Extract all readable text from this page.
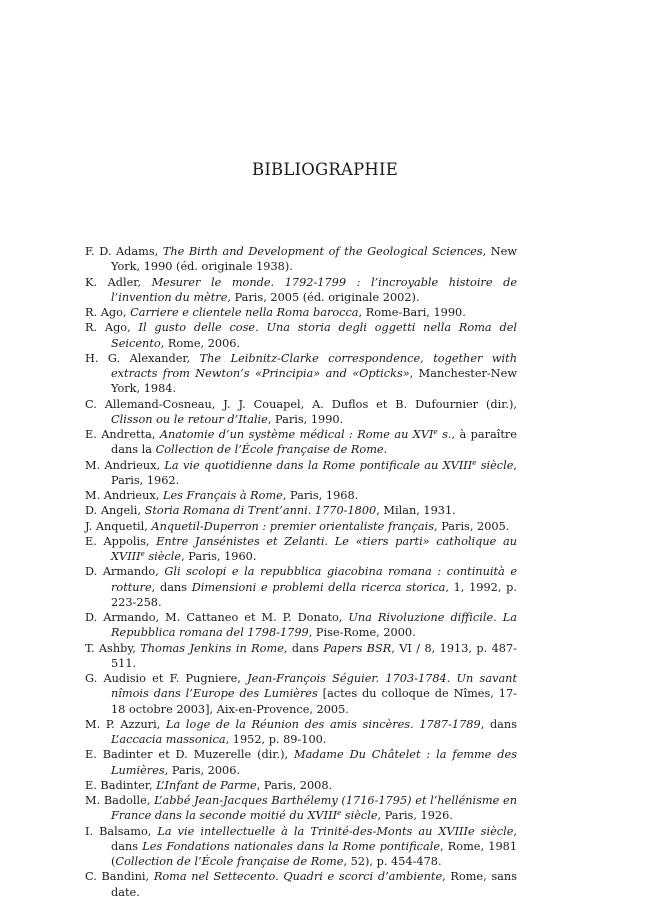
BIBLIOGRAPHIE
F. D. Adams, The Birth and Development of the Geological Sciences, New York, 1990 (éd. originale 1938).
K. Adler, Mesurer le monde. 1792-1799 : l’incroyable histoire de l’invention du mètre, Paris, 2005 (éd. originale 2002).
R. Ago, Carriere e clientele nella Roma barocca, Rome-Bari, 1990.
R. Ago, Il gusto delle cose. Una storia degli oggetti nella Roma del Seicento, Rome, 2006.
H. G. Alexander, The Leibnitz-Clarke correspondence, together with extracts from Newton’s «Principia» and «Opticks», Manchester-New York, 1984.
C. Allemand-Cosneau, J. J. Couapel, A. Duflos et B. Dufournier (dir.), Clisson ou le retour d’Italie, Paris, 1990.
E. Andretta, Anatomie d’un système médical : Rome au XVIe s., à paraître dans la Collection de l’École française de Rome.
M. Andrieux, La vie quotidienne dans la Rome pontificale au XVIIIe siècle, Paris, 1962.
M. Andrieux, Les Français à Rome, Paris, 1968.
D. Angeli, Storia Romana di Trent’anni. 1770-1800, Milan, 1931.
J. Anquetil, Anquetil-Duperron : premier orientaliste français, Paris, 2005.
E. Appolis, Entre Jansénistes et Zelanti. Le «tiers parti» catholique au XVIIIe siècle, Paris, 1960.
D. Armando, Gli scolopi e la repubblica giacobina romana : continuità e rotture, dans Dimensioni e problemi della ricerca storica, 1, 1992, p. 223-258.
D. Armando, M. Cattaneo et M. P. Donato, Una Rivoluzione difficile. La Repubblica romana del 1798-1799, Pise-Rome, 2000.
T. Ashby, Thomas Jenkins in Rome, dans Papers BSR, VI / 8, 1913, p. 487-511.
G. Audisio et F. Pugniere, Jean-François Séguier. 1703-1784. Un savant nîmois dans l’Europe des Lumières [actes du colloque de Nîmes, 17-18 octobre 2003], Aix-en-Provence, 2005.
M. P. Azzuri, La loge de la Réunion des amis sincères. 1787-1789, dans L’accacia massonica, 1952, p. 89-100.
E. Badinter et D. Muzerelle (dir.), Madame Du Châtelet : la femme des Lumières, Paris, 2006.
E. Badinter, L’Infant de Parme, Paris, 2008.
M. Badolle, L’abbé Jean-Jacques Barthélemy (1716-1795) et l’hellénisme en France dans la seconde moitié du XVIIIe siècle, Paris, 1926.
I. Balsamo, La vie intellectuelle à la Trinité-des-Monts au XVIIIe siècle, dans Les Fondations nationales dans la Rome pontificale, Rome, 1981 (Collection de l’École française de Rome, 52), p. 454-478.
C. Bandini, Roma nel Settecento. Quadri e scorci d’ambiente, Rome, sans date.
